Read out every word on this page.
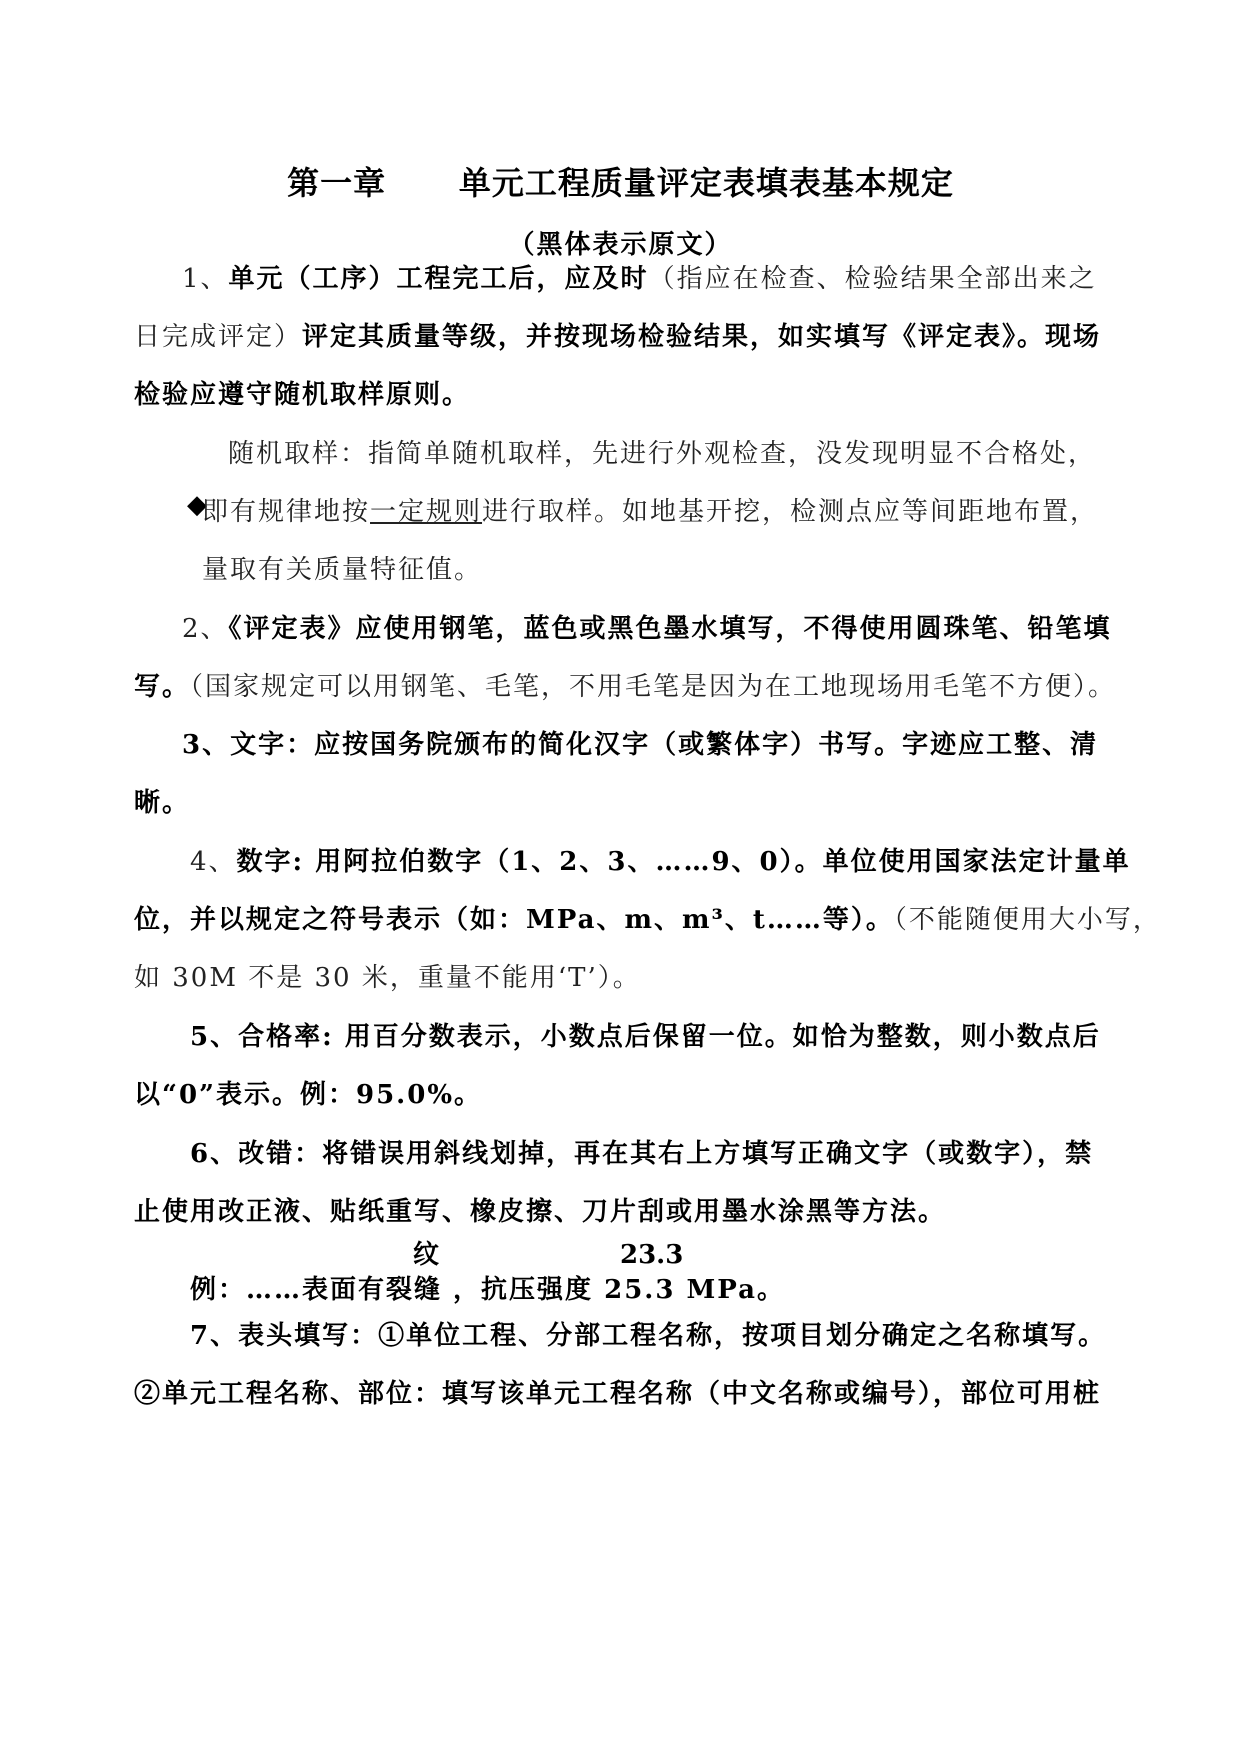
第一章      单元工程质量评定表填表基本规定
（黑体表示原文）
1、单元（工序）工程完工后，应及时（指应在检查、检验结果全部出来之
日完成评定）评定其质量等级，并按现场检验结果，如实填写《评定表》。现场
检验应遵守随机取样原则。
◆
随机取样：指简单随机取样，先进行外观检查，没发现明显不合格处，
即有规律地按一定规则进行取样。如地基开挖，检测点应等间距地布置，
量取有关质量特征值。
2、《评定表》应使用钢笔，蓝色或黑色墨水填写，不得使用圆珠笔、铅笔填
写。（国家规定可以用钢笔、毛笔，不用毛笔是因为在工地现场用毛笔不方便）。
3、文字：应按国务院颁布的简化汉字（或繁体字）书写。字迹应工整、清
晰。
4、数字: 用阿拉伯数字（1、2、3、……9、0）。单位使用国家法定计量单
位，并以规定之符号表示（如：MPa、m、m³、t……等）。（不能随便用大小写，
如 30M 不是 30 米，重量不能用‘T’）。
5、合格率: 用百分数表示，小数点后保留一位。如恰为整数，则小数点后
以“0”表示。例：95.0%。
6、改错：将错误用斜线划掉，再在其右上方填写正确文字（或数字），禁
止使用改正液、贴纸重写、橡皮擦、刀片刮或用墨水涂黑等方法。
纹	23.3
例：……表面有裂缝 ，抗压强度 25.3 MPa。
7、表头填写：①单位工程、分部工程名称，按项目划分确定之名称填写。
②单元工程名称、部位：填写该单元工程名称（中文名称或编号），部位可用桩
